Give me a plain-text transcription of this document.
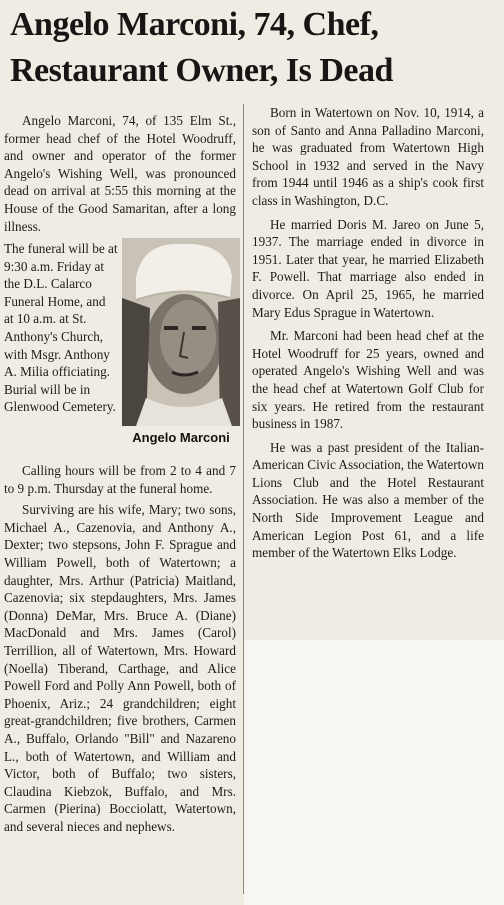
Angelo Marconi, 74, Chef,
Restaurant Owner, Is Dead

Angelo Marconi, 74, of 135 Elm St., former head chef of the Hotel Woodruff, and owner and operator of the former Angelo's Wishing Well, was pronounced dead on arrival at 5:55 this morning at the House of the Good Samaritan, after a long illness.

The funeral will be at 9:30 a.m. Friday at the D.L. Calarco Funeral Home, and at 10 a.m. at St. Anthony's Church, with Msgr. Anthony A. Milia officiating. Burial will be in Glenwood Cemetery.
Angelo Marconi

Calling hours will be from 2 to 4 and 7 to 9 p.m. Thursday at the funeral home.

Surviving are his wife, Mary; two sons, Michael A., Cazenovia, and Anthony A., Dexter; two stepsons, John F. Sprague and William Powell, both of Watertown; a daughter, Mrs. Arthur (Patricia) Maitland, Cazenovia; six stepdaughters, Mrs. James (Donna) DeMar, Mrs. Bruce A. (Diane) MacDonald and Mrs. James (Carol) Terrillion, all of Watertown, Mrs. Howard (Noella) Tiberand, Carthage, and Alice Powell Ford and Polly Ann Powell, both of Phoenix, Ariz.; 24 grandchildren; eight great-grandchildren; five brothers, Carmen A., Buffalo, Orlando "Bill" and Nazareno L., both of Watertown, and William and Victor, both of Buffalo; two sisters, Claudina Kiebzok, Buffalo, and Mrs. Carmen (Pierina) Bocciolatt, Watertown, and several nieces and nephews.

Born in Watertown on Nov. 10, 1914, a son of Santo and Anna Palladino Marconi, he was graduated from Watertown High School in 1932 and served in the Navy from 1944 until 1946 as a ship's cook first class in Washington, D.C.

He married Doris M. Jareo on June 5, 1937. The marriage ended in divorce in 1951. Later that year, he married Elizabeth F. Powell. That marriage also ended in divorce. On April 25, 1965, he married Mary Edus Sprague in Watertown.

Mr. Marconi had been head chef at the Hotel Woodruff for 25 years, owned and operated Angelo's Wishing Well and was the head chef at Watertown Golf Club for six years. He retired from the restaurant business in 1987.

He was a past president of the Italian-American Civic Association, the Watertown Lions Club and the Hotel Restaurant Association. He was also a member of the North Side Improvement League and American Legion Post 61, and a life member of the Watertown Elks Lodge.
